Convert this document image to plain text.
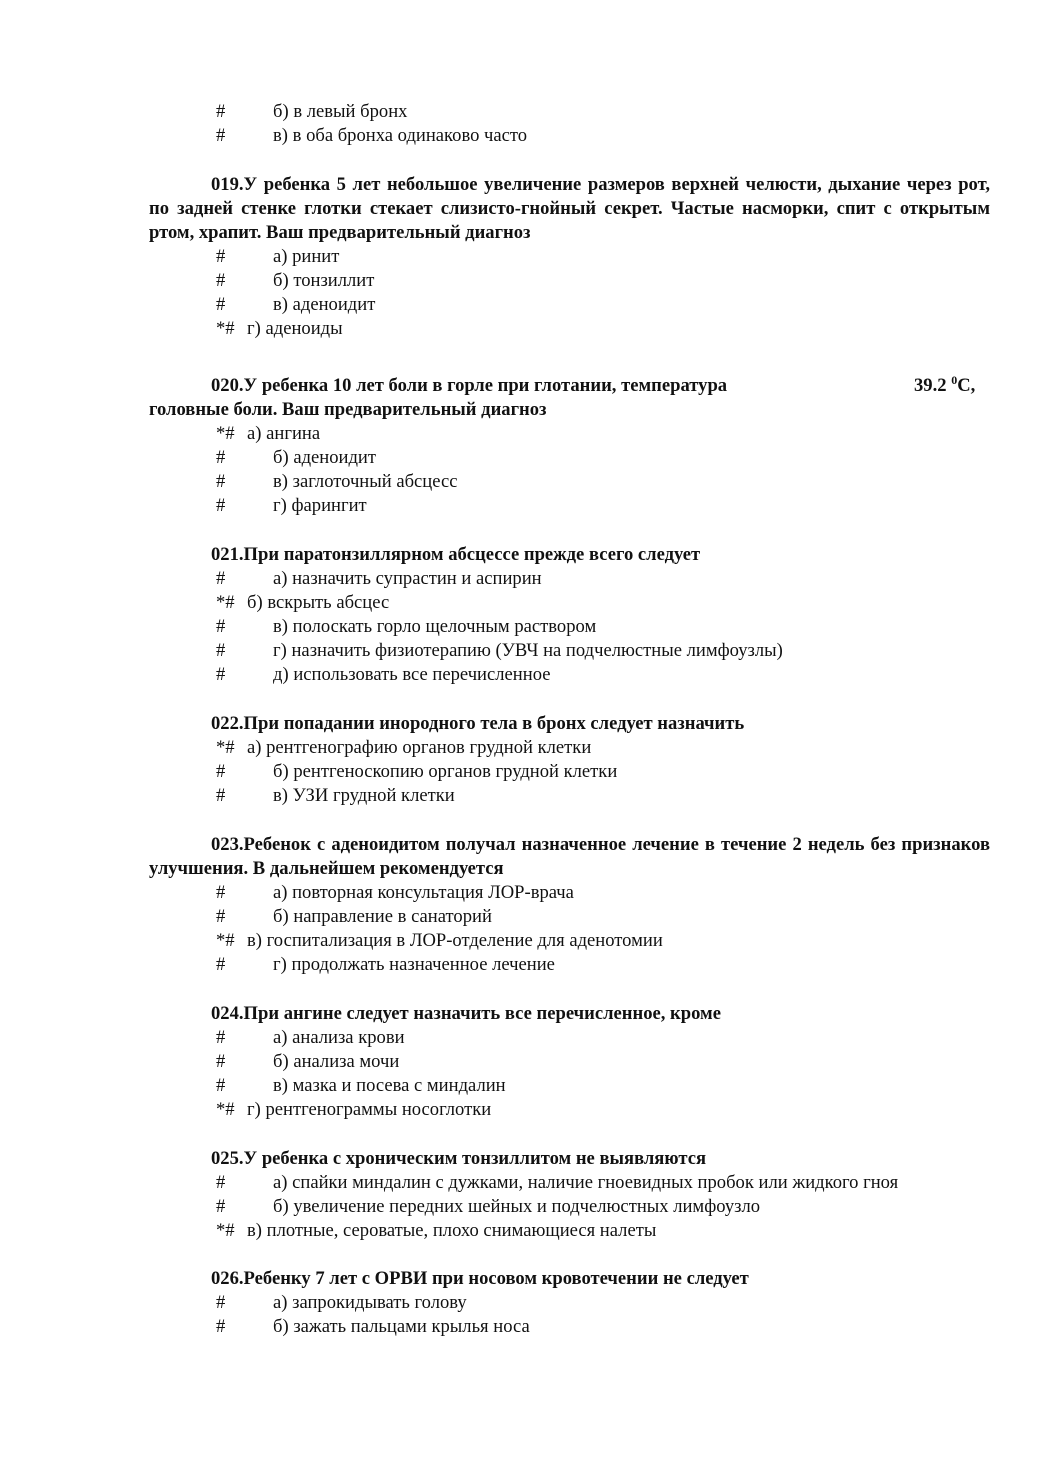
#	б) в левый бронх
#	в) в оба бронха одинаково часто

019.У ребенка 5 лет небольшое увеличение размеров верхней челюсти, дыхание через рот, по задней стенке глотки стекает слизисто-гнойный секрет. Частые насморки, спит с открытым ртом, храпит. Ваш предварительный диагноз

#	а) ринит
#	б) тонзиллит
#	в) аденоидит
*# г) аденоиды
020.У ребенка 10 лет боли в горле при глотании, температура	39.2 $^0$С,
головные боли. Ваш предварительный диагноз
*# а) ангина
#	б) аденоидит
#	в) заглоточный абсцесс
#	г) фарингит
021.При паратонзиллярном абсцессе прежде всего следует
#	а) назначить супрастин и аспирин
*# б) вскрыть абсцес
#	в) полоскать горло щелочным раствором
#	г) назначить физиотерапию (УВЧ на подчелюстные лимфоузлы)
#	д) использовать все перечисленное
022.При попадании инородного тела в бронх следует назначить
*# а) рентгенографию органов грудной клетки
#	б) рентгеноскопию органов грудной клетки
#	в) УЗИ грудной клетки

023.Ребенок с аденоидитом получал назначенное лечение в течение 2 недель без признаков улучшения. В дальнейшем рекомендуется

#	а) повторная консультация ЛОР-врача
#	б) направление в санаторий
*# в) госпитализация в ЛОР-отделение для аденотомии
#	г) продолжать назначенное лечение
024.При ангине следует назначить все перечисленное, кроме
#	а) анализа крови
#	б) анализа мочи
#	в) мазка и посева с миндалин
*# г) рентгенограммы носоглотки
025.У ребенка с хроническим тонзиллитом не выявляются
#	а) спайки миндалин с дужками, наличие гноевидных пробок или жидкого гноя
#	б) увеличение передних шейных и подчелюстных лимфоузло
*# в) плотные, сероватые, плохо снимающиеся налеты
026.Ребенку 7 лет с ОРВИ при носовом кровотечении не следует
#	а) запрокидывать голову
#	б) зажать пальцами крылья носа
